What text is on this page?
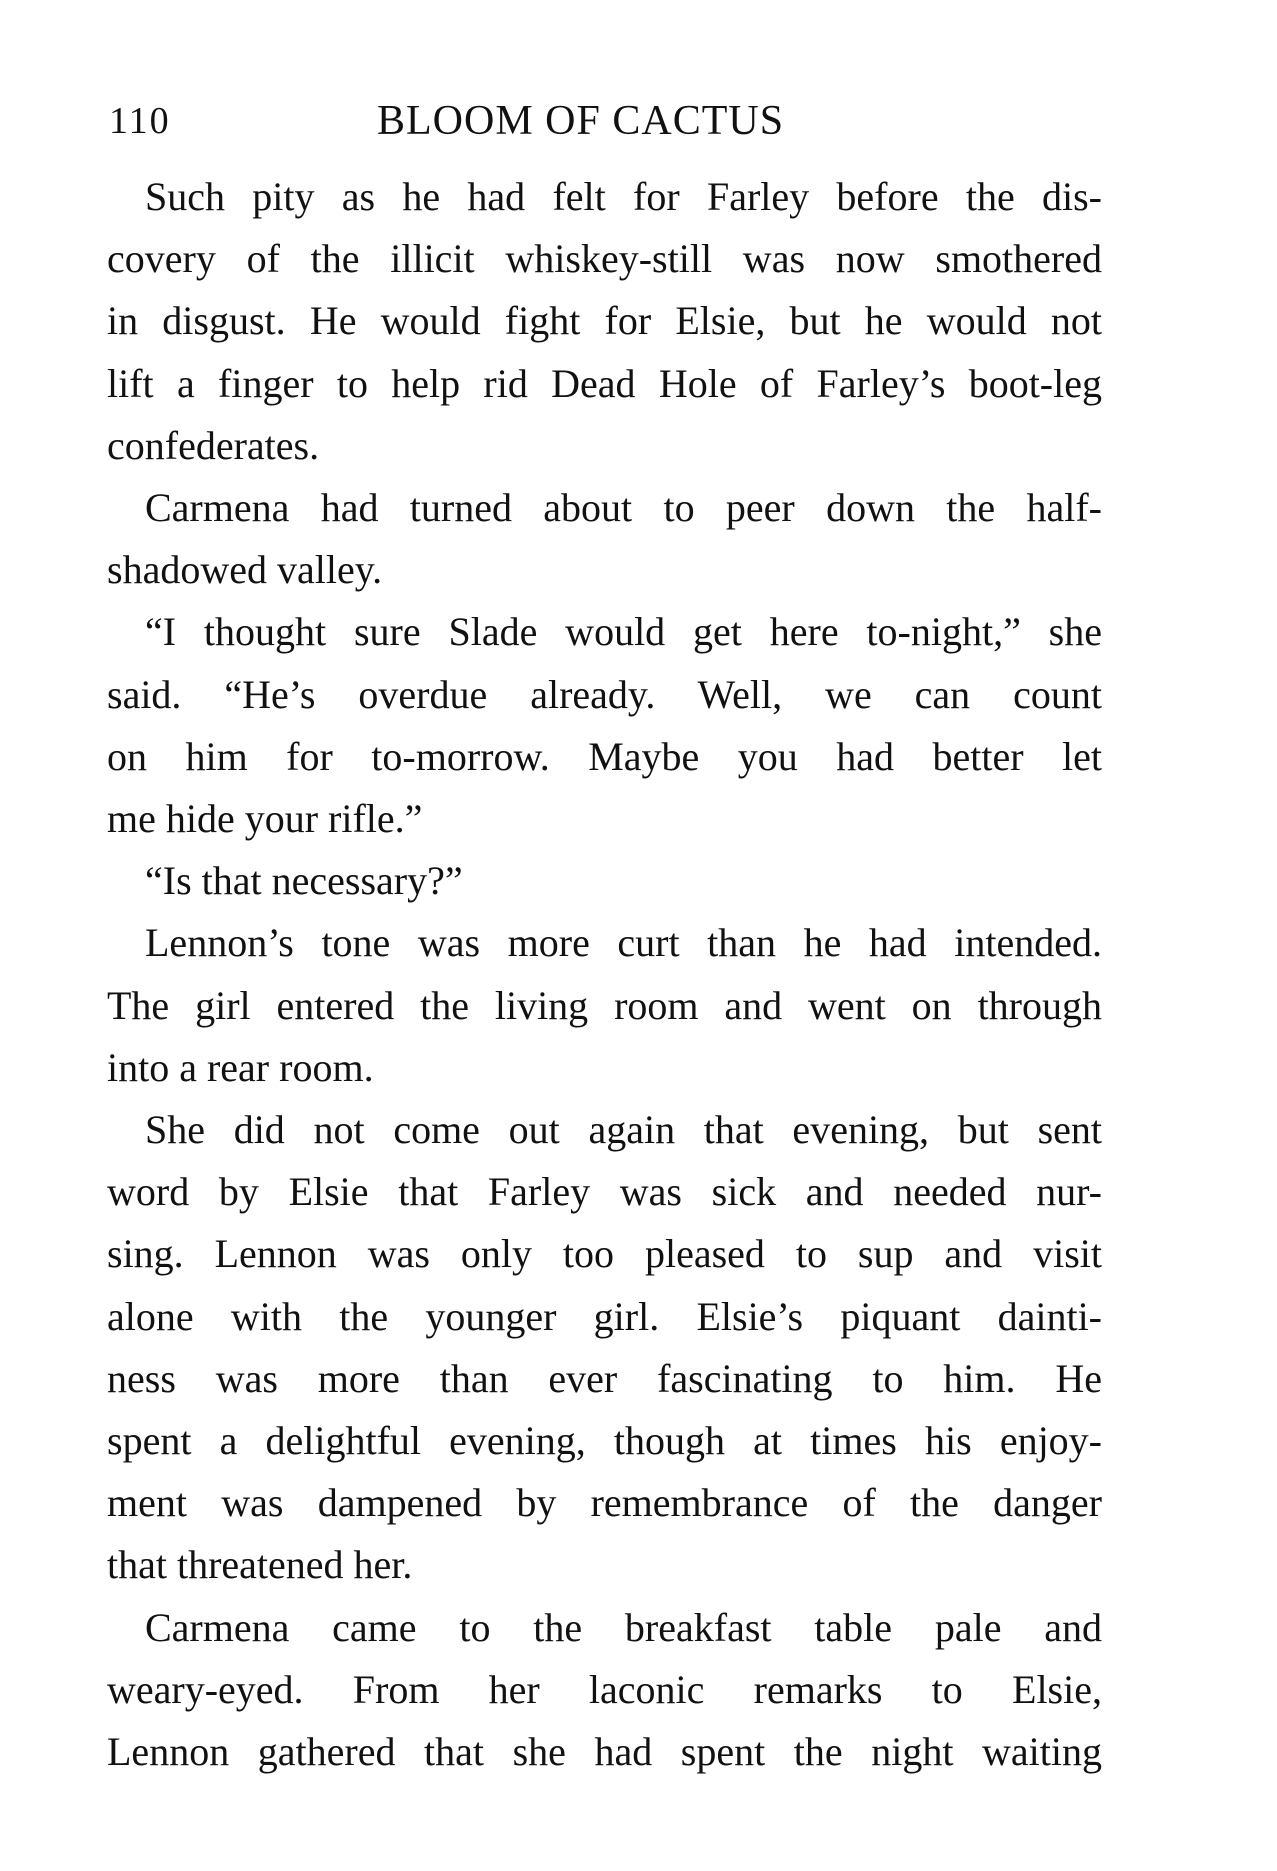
110	BLOOM OF CACTUS

Such pity as he had felt for Farley before the dis-
covery of the illicit whiskey-still was now smothered
in disgust. He would fight for Elsie, but he would not
lift a finger to help rid Dead Hole of Farley’s boot-leg
confederates.

Carmena had turned about to peer down the half-
shadowed valley.

“I thought sure Slade would get here to-night,” she
said. “He’s overdue already. Well, we can count
on him for to-morrow. Maybe you had better let
me hide your rifle.”

“Is that necessary?”

Lennon’s tone was more curt than he had intended.
The girl entered the living room and went on through
into a rear room.

She did not come out again that evening, but sent
word by Elsie that Farley was sick and needed nur-
sing. Lennon was only too pleased to sup and visit
alone with the younger girl. Elsie’s piquant dainti-
ness was more than ever fascinating to him. He
spent a delightful evening, though at times his enjoy-
ment was dampened by remembrance of the danger
that threatened her.

Carmena came to the breakfast table pale and
weary-eyed. From her laconic remarks to Elsie,
Lennon gathered that she had spent the night waiting
